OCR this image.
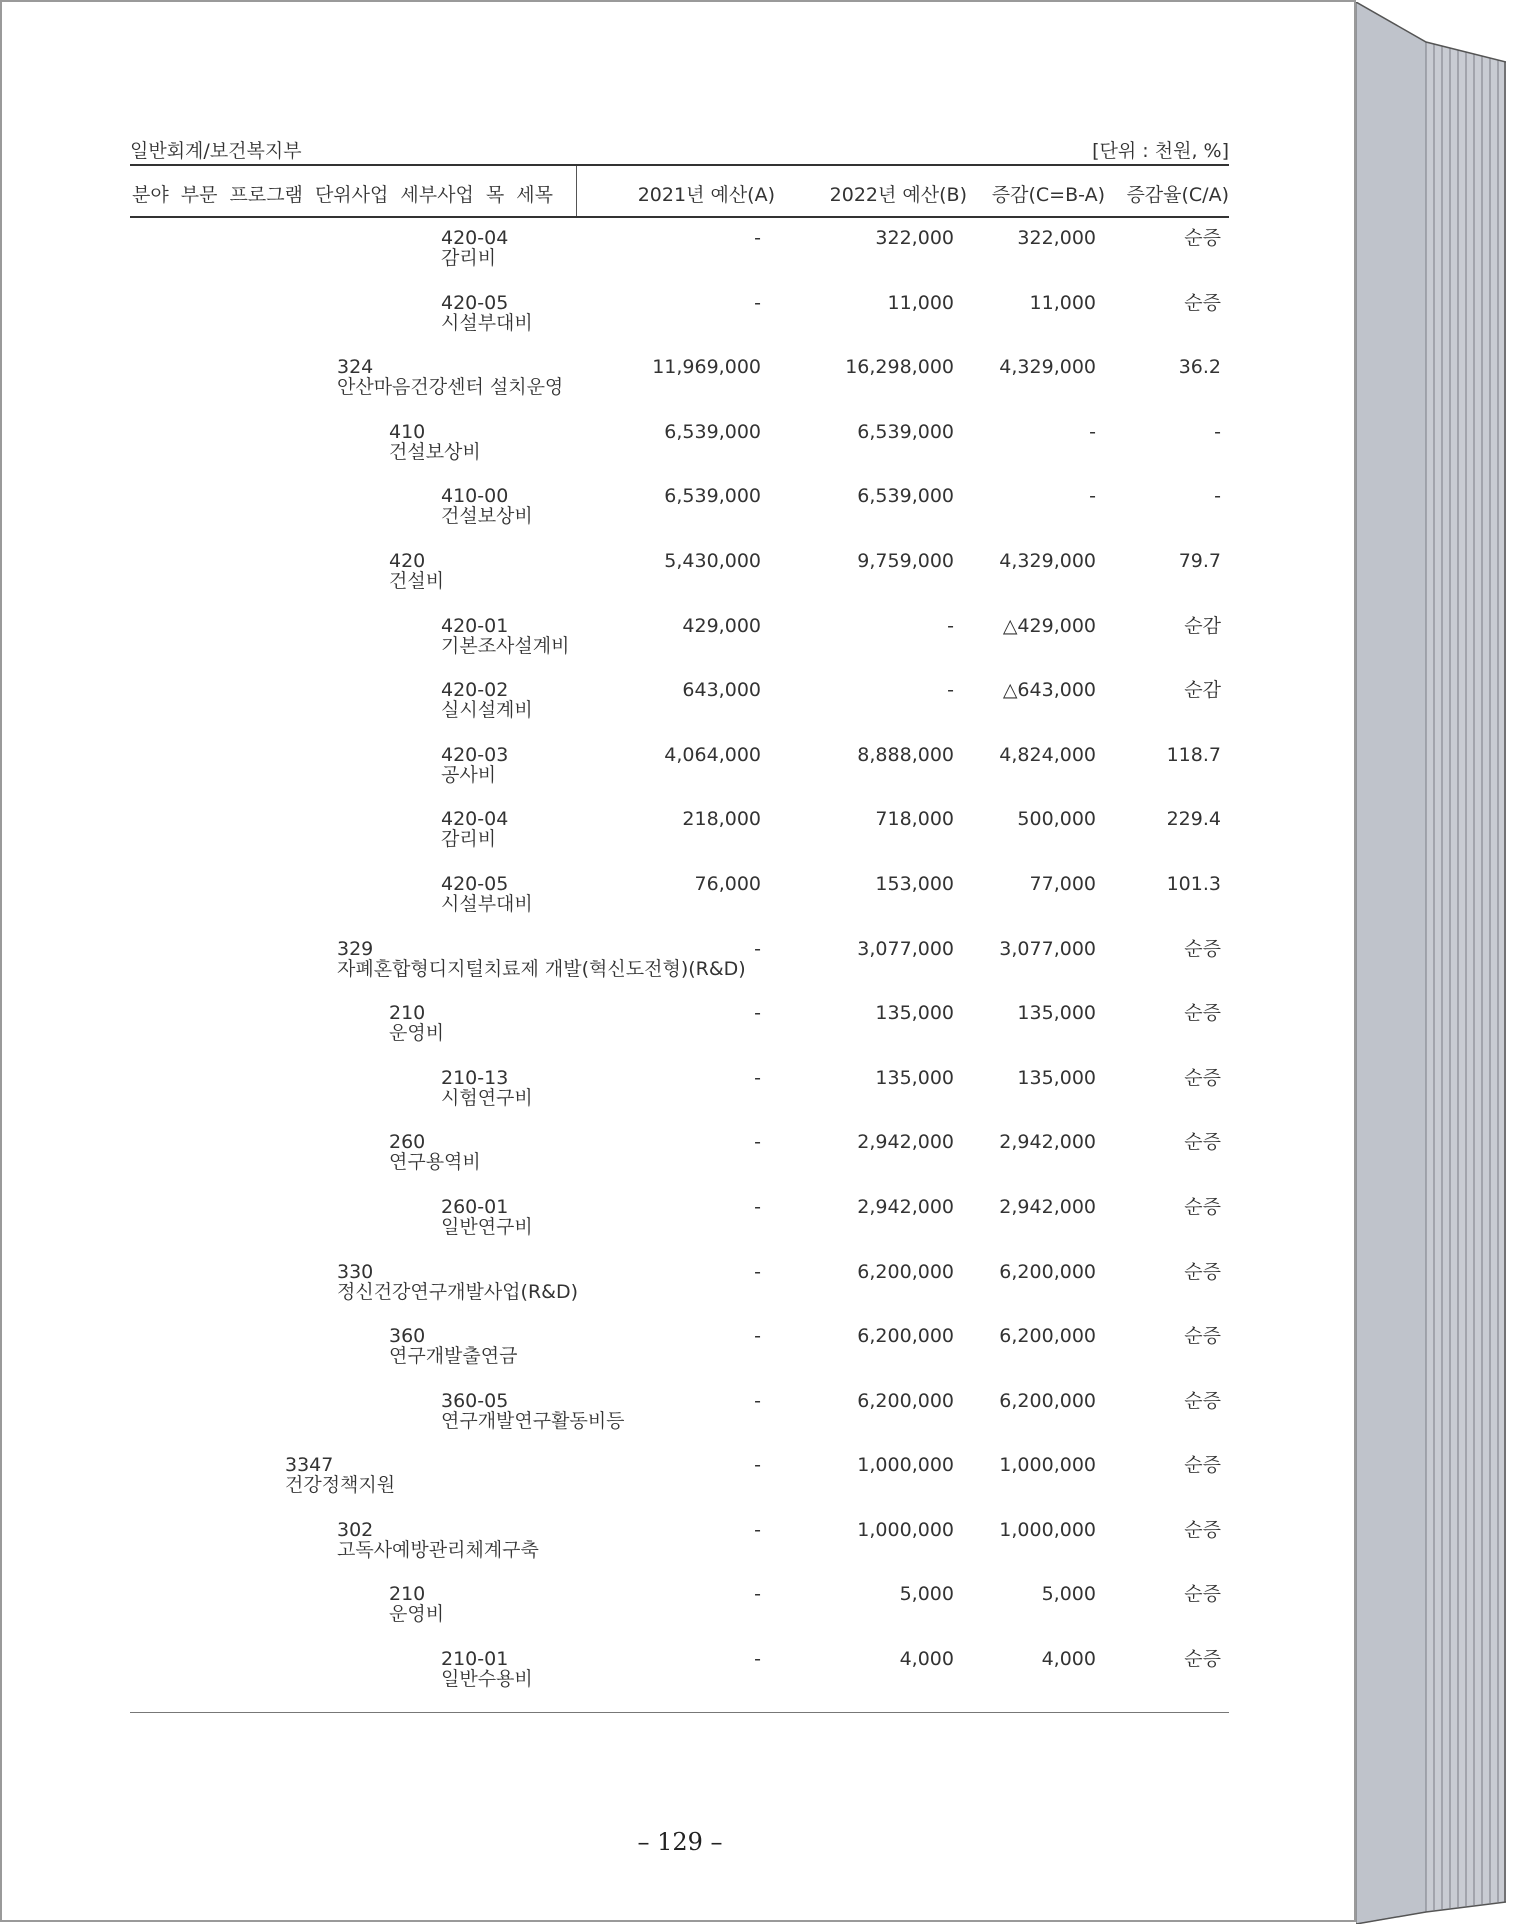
일반회계/보건복지부	[단위 : 천원, %]
분야 부문 프로그램 단위사업 세부사업 목 세목	2021년 예산(A)	2022년 예산(B) 증감(C=B-A) 증감율(C/A)
420-04
감리비
-	322,000	322,000	순증
420-05
시설부대비
-	11,000	11,000	순증
324
안산마음건강센터 설치운영
11,969,000	16,298,000 4,329,000	36.2
410
건설보상비
6,539,000	6,539,000	-	-
410-00
건설보상비
6,539,000	6,539,000	-	-
420
건설비
5,430,000	9,759,000 4,329,000	79.7
420-01
기본조사설계비
429,000	-	△429,000	순감
420-02
실시설계비
643,000	-	△643,000	순감
420-03
공사비
4,064,000	8,888,000 4,824,000	118.7
420-04
감리비
218,000	718,000	500,000	229.4
420-05
시설부대비
76,000	153,000	77,000	101.3
329
자폐혼합형디지털치료제 개발(혁신도전형)(R&D)
-	3,077,000 3,077,000	순증
210
운영비
-	135,000	135,000	순증
210-13
시험연구비
-	135,000	135,000	순증
260
연구용역비
-	2,942,000 2,942,000	순증
260-01
일반연구비
-	2,942,000 2,942,000	순증
330
정신건강연구개발사업(R&D)
-	6,200,000 6,200,000	순증
360
연구개발출연금
-	6,200,000 6,200,000	순증
360-05
연구개발연구활동비등
-	6,200,000 6,200,000	순증
3347
건강정책지원
-	1,000,000 1,000,000	순증
302
고독사예방관리체계구축
-	1,000,000 1,000,000	순증
210
운영비
-	5,000	5,000	순증
210-01
일반수용비
-	4,000	4,000	순증
– 129 –
